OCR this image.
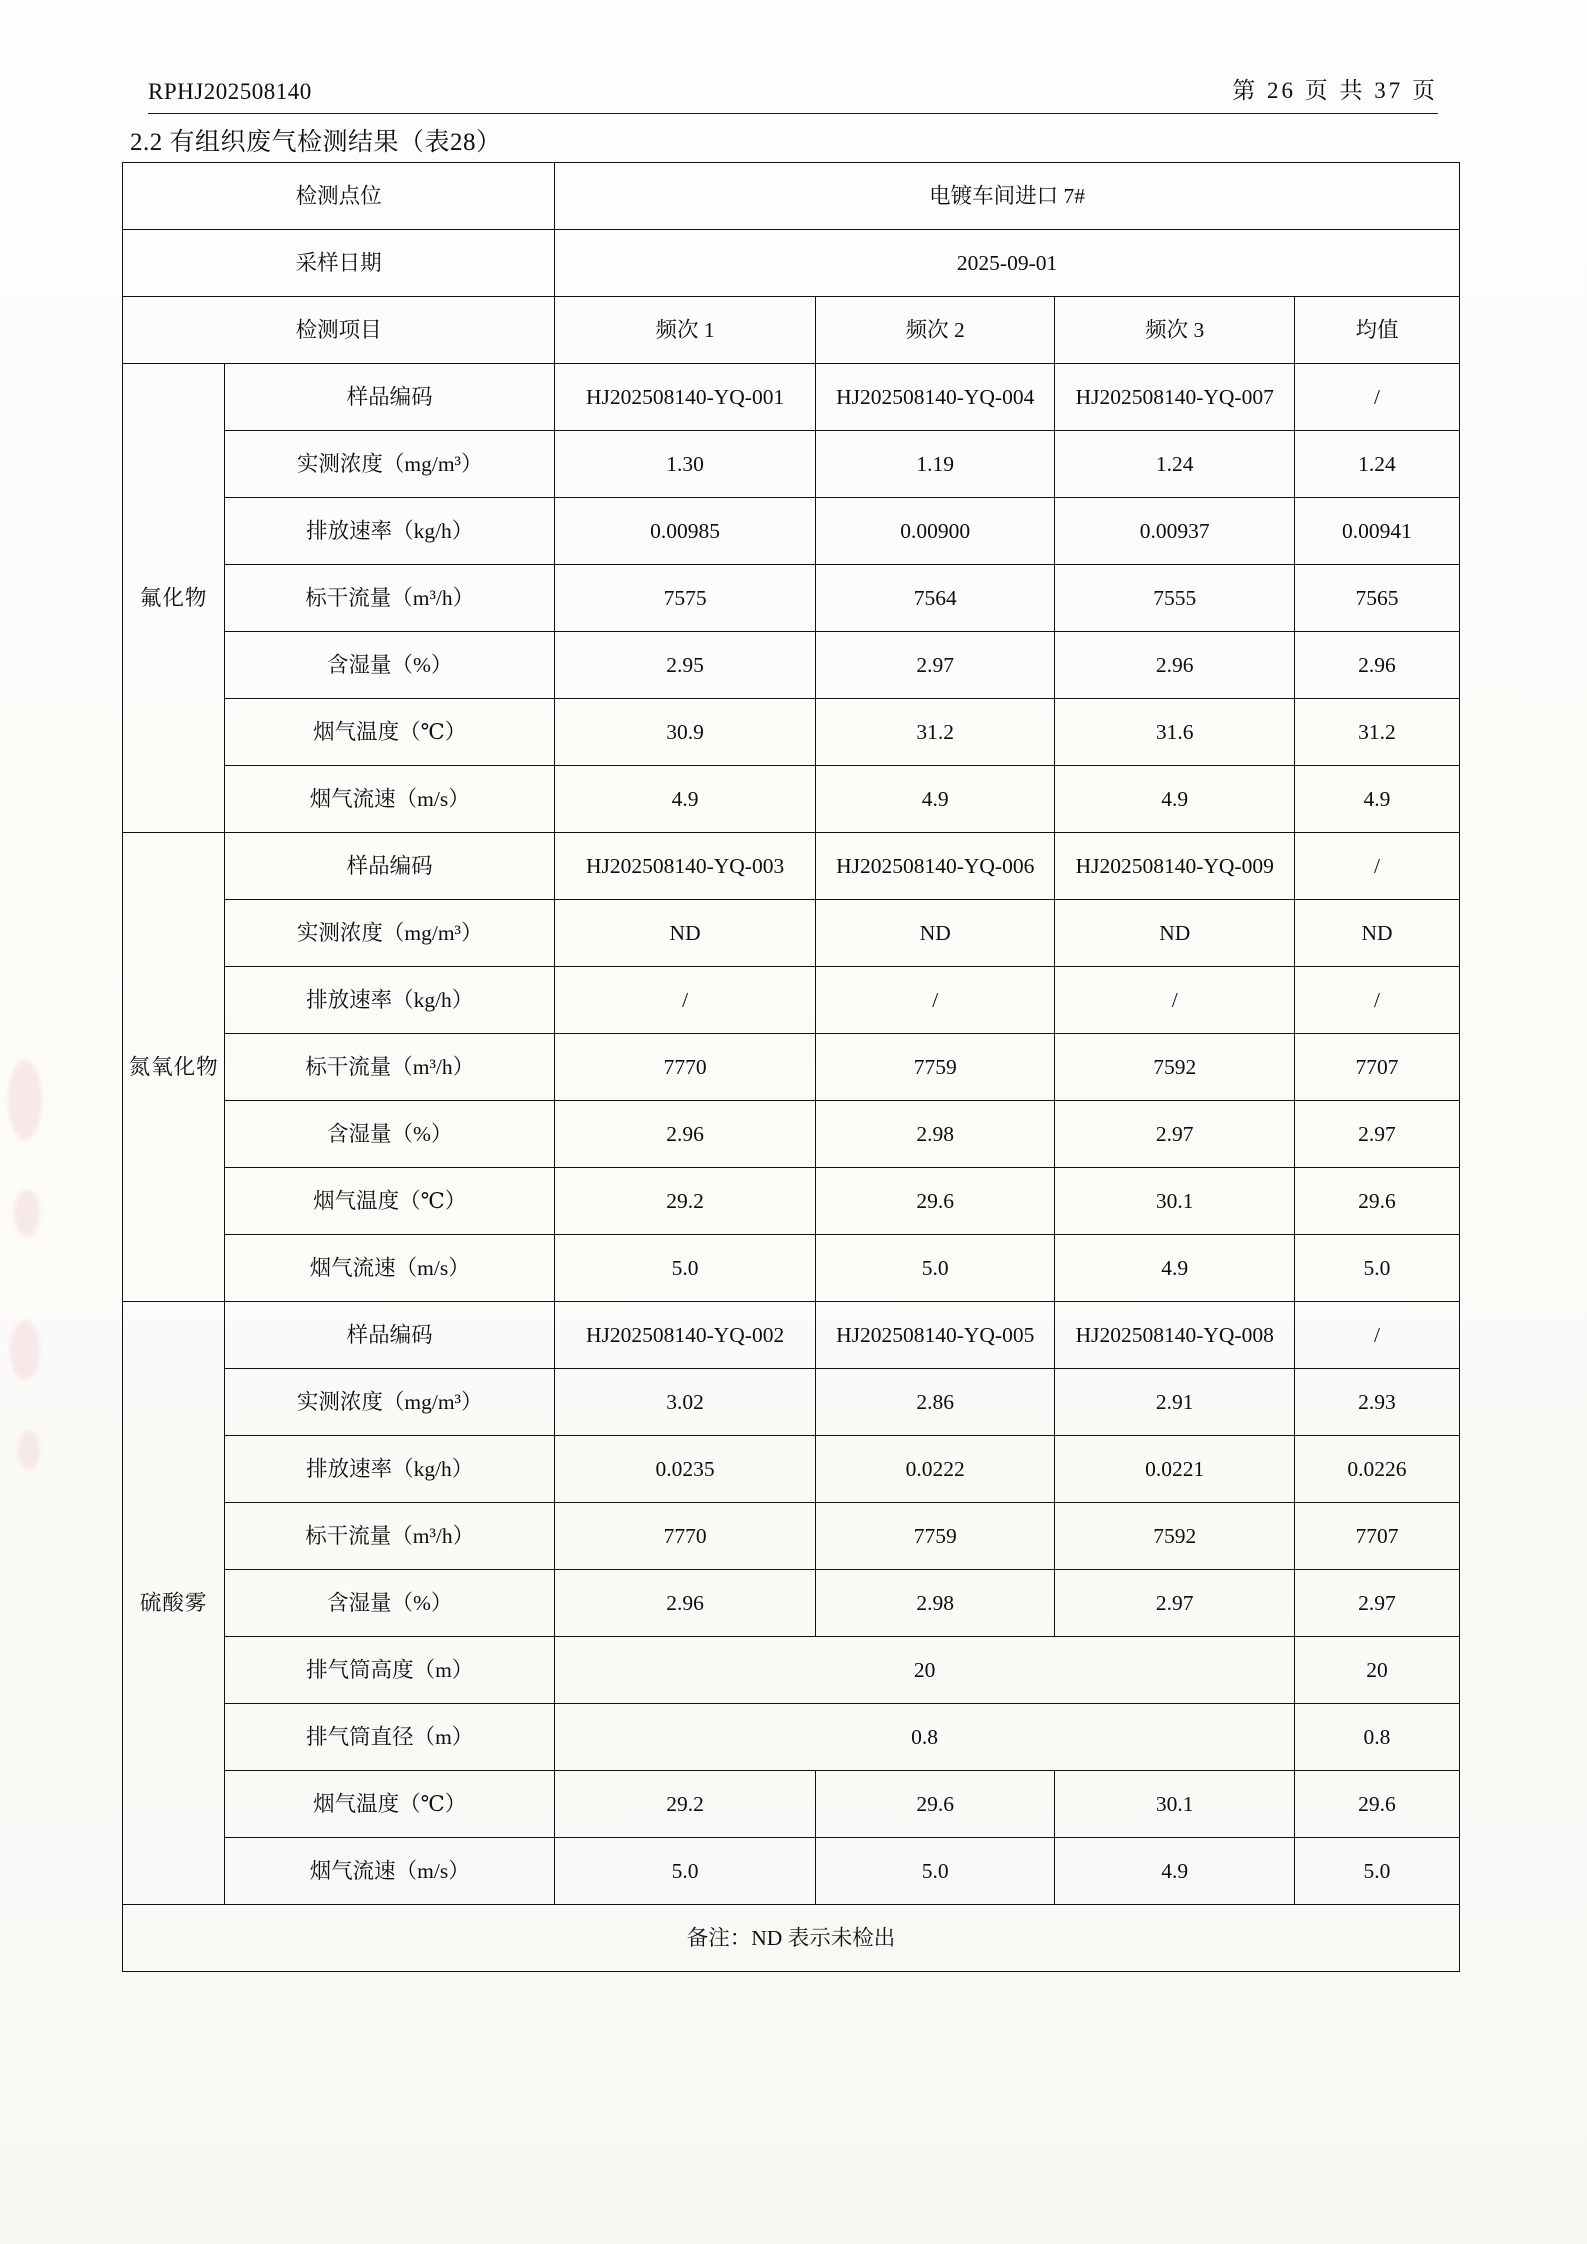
RPHJ202508140	第 26 页 共 37 页
2.2 有组织废气检测结果（表28）
检测点位		电镀车间进口 7#			
采样日期		2025-09-01			
检测项目		频次 1	频次 2	频次 3	均值
氟化物	样品编码	HJ202508140-YQ-001	HJ202508140-YQ-004	HJ202508140-YQ-007	/
	实测浓度（mg/m³）	1.30	1.19	1.24	1.24
	排放速率（kg/h）	0.00985	0.00900	0.00937	0.00941
	标干流量（m³/h）	7575	7564	7555	7565
	含湿量（%）	2.95	2.97	2.96	2.96
	烟气温度（℃）	30.9	31.2	31.6	31.2
	烟气流速（m/s）	4.9	4.9	4.9	4.9
氮氧化物	样品编码	HJ202508140-YQ-003	HJ202508140-YQ-006	HJ202508140-YQ-009	/
	实测浓度（mg/m³）	ND	ND	ND	ND
	排放速率（kg/h）	/	/	/	/
	标干流量（m³/h）	7770	7759	7592	7707
	含湿量（%）	2.96	2.98	2.97	2.97
	烟气温度（℃）	29.2	29.6	30.1	29.6
	烟气流速（m/s）	5.0	5.0	4.9	5.0
硫酸雾	样品编码	HJ202508140-YQ-002	HJ202508140-YQ-005	HJ202508140-YQ-008	/
	实测浓度（mg/m³）	3.02	2.86	2.91	2.93
	排放速率（kg/h）	0.0235	0.0222	0.0221	0.0226
	标干流量（m³/h）	7770	7759	7592	7707
	含湿量（%）	2.96	2.98	2.97	2.97
	排气筒高度（m）	20			20
	排气筒直径（m）	0.8			0.8
	烟气温度（℃）	29.2	29.6	30.1	29.6
	烟气流速（m/s）	5.0	5.0	4.9	5.0
备注：ND 表示未检出					
